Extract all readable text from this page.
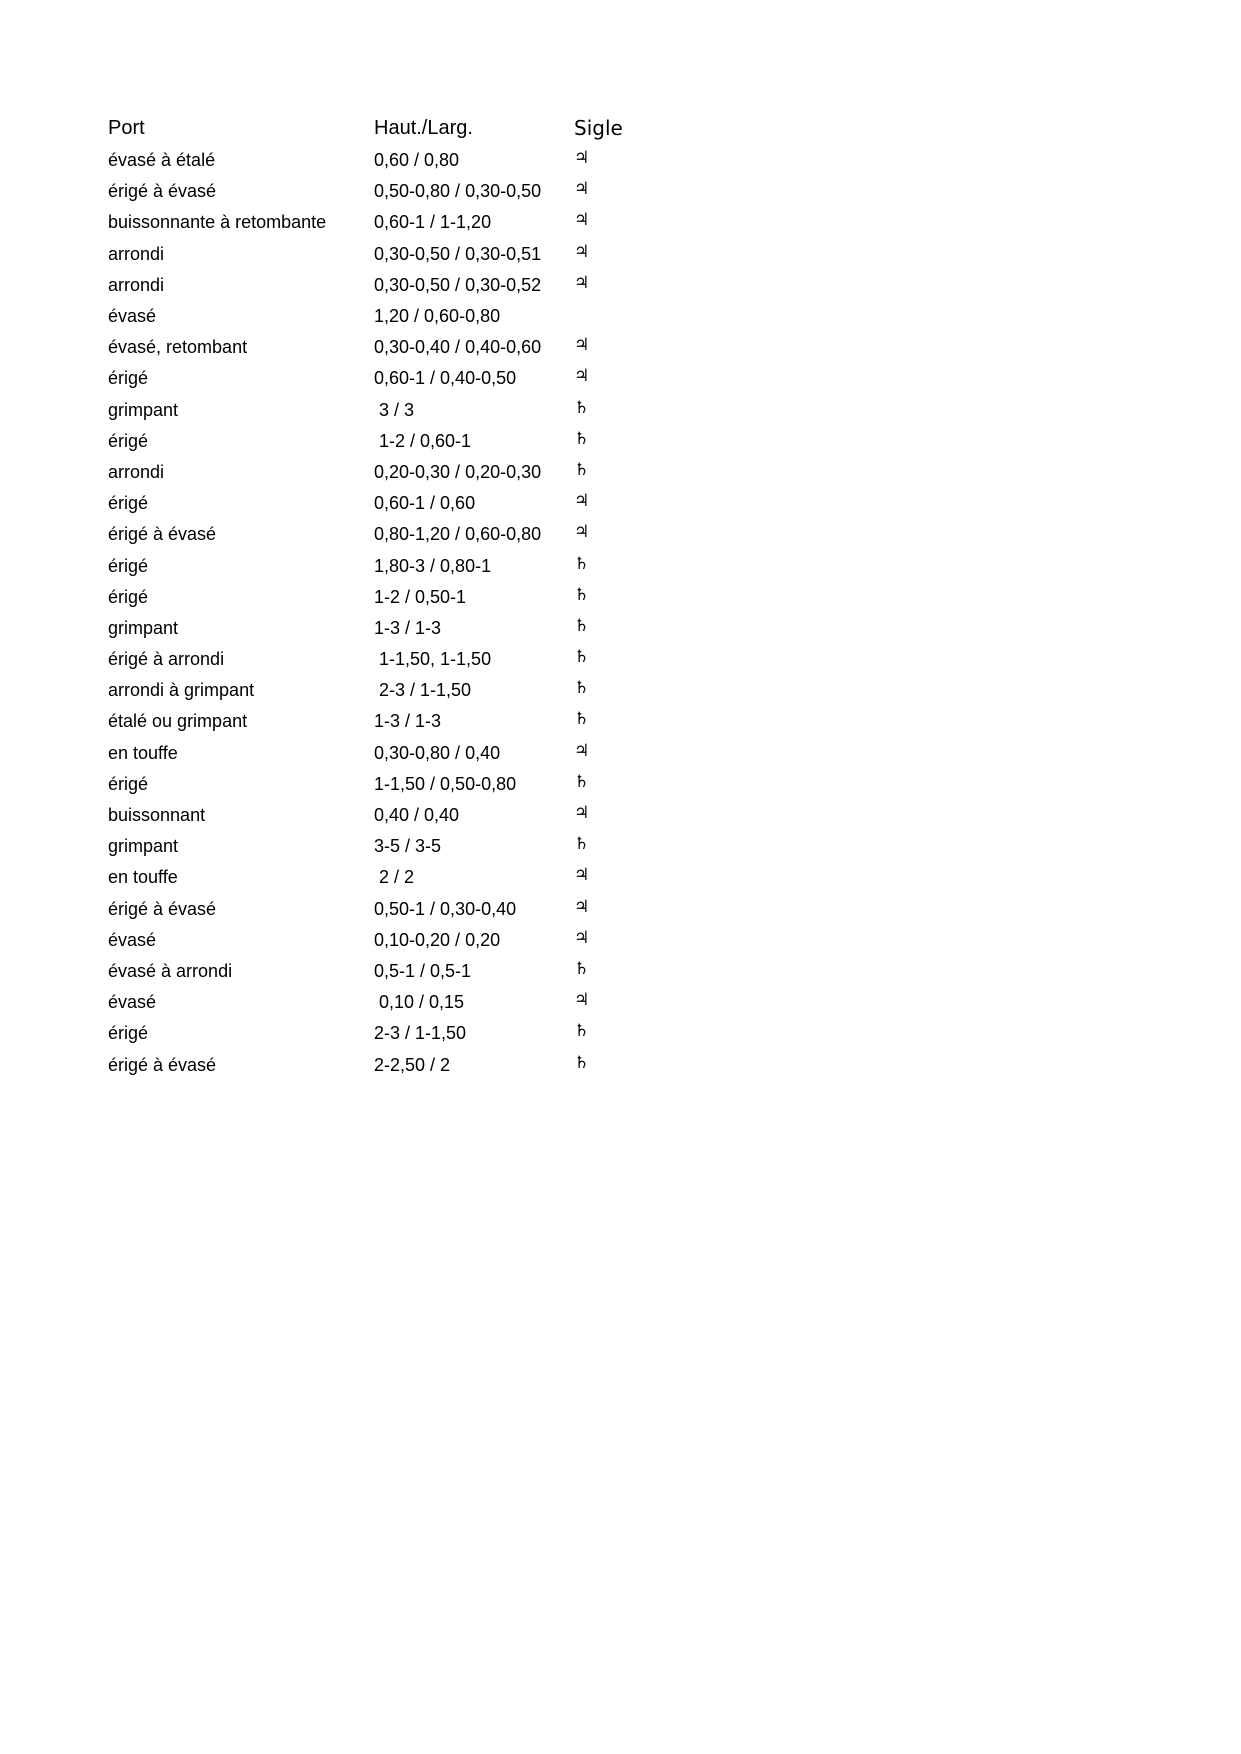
Port	Haut./Larg.	Sigle
évasé à étalé	0,60 / 0,80	♃
érigé à évasé	0,50-0,80 / 0,30-0,50	♃
buissonnante à retombante	0,60-1 / 1-1,20	♃
arrondi	0,30-0,50 / 0,30-0,51	♃
arrondi	0,30-0,50 / 0,30-0,52	♃
évasé	1,20 / 0,60-0,80
évasé, retombant	0,30-0,40 / 0,40-0,60	♃
érigé	0,60-1 / 0,40-0,50	♃
grimpant	3 / 3	♄
érigé	1-2 / 0,60-1	♄
arrondi	0,20-0,30 / 0,20-0,30	♄
érigé	0,60-1 / 0,60	♃
érigé à évasé	0,80-1,20 / 0,60-0,80	♃
érigé	1,80-3 / 0,80-1	♄
érigé	1-2 / 0,50-1	♄
grimpant	1-3 / 1-3	♄
érigé à arrondi	1-1,50, 1-1,50	♄
arrondi à grimpant	2-3 / 1-1,50	♄
étalé ou grimpant	1-3 / 1-3	♄
en touffe	0,30-0,80 / 0,40	♃
érigé	1-1,50 / 0,50-0,80	♄
buissonnant	0,40 / 0,40	♃
grimpant	3-5 / 3-5	♄
en touffe	2 / 2	♃
érigé à évasé	0,50-1 / 0,30-0,40	♃
évasé	0,10-0,20 / 0,20	♃
évasé à arrondi	0,5-1 / 0,5-1	♄
évasé	0,10 / 0,15	♃
érigé	2-3 / 1-1,50	♄
érigé à évasé	2-2,50 / 2	♄
